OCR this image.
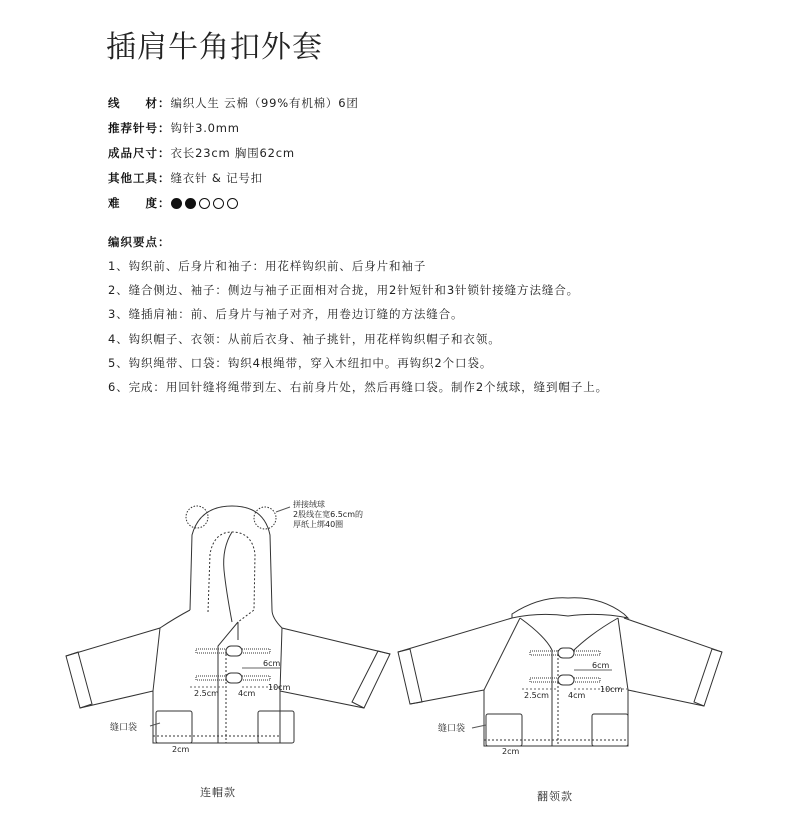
插肩牛角扣外套
线　　材：编织人生 云棉（99%有机棉）6团
推荐针号：钩针3.0mm
成品尺寸：衣长23cm 胸围62cm
其他工具：缝衣针 & 记号扣
难　　度：
编织要点：
1、钩织前、后身片和袖子：用花样钩织前、后身片和袖子
2、缝合侧边、袖子：侧边与袖子正面相对合拢，用2针短针和3针锁针接缝方法缝合。
3、缝插肩袖：前、后身片与袖子对齐，用卷边订缝的方法缝合。
4、钩织帽子、衣领：从前后衣身、袖子挑针，用花样钩织帽子和衣领。
5、钩织绳带、口袋：钩织4根绳带，穿入木纽扣中。再钩织2个口袋。
6、完成：用回针缝将绳带到左、右前身片处，然后再缝口袋。制作2个绒球，缝到帽子上。
拼接绒球
2股线在宽6.5cm的
厚纸上绑40圈
6cm
2.5cm 4cm
10cm
缝口袋
2cm
6cm
2.5cm 4cm
10cm
缝口袋
2cm
连帽款	翻领款
